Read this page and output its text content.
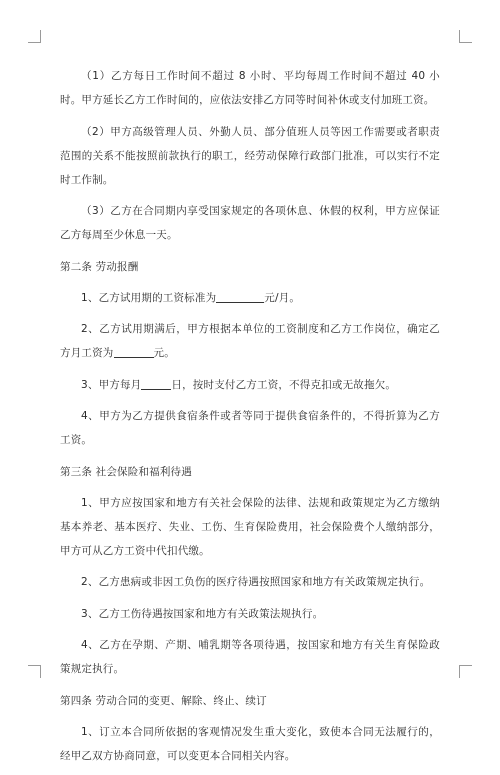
（1）乙方每日工作时间不超过 8 小时、平均每周工作时间不超过 40 小时。甲方延长乙方工作时间的，应依法安排乙方同等时间补休或支付加班工资。

（2）甲方高级管理人员、外勤人员、部分值班人员等因工作需要或者职责范围的关系不能按照前款执行的职工，经劳动保障行政部门批准，可以实行不定时工作制。

（3）乙方在合同期内享受国家规定的各项休息、休假的权利，甲方应保证乙方每周至少休息一天。

第二条 劳动报酬

1、乙方试用期的工资标准为	元/月。

2、乙方试用期满后，甲方根据本单位的工资制度和乙方工作岗位，确定乙方月工资为	元。

3、甲方每月	日，按时支付乙方工资，不得克扣或无故拖欠。

4、甲方为乙方提供食宿条件或者等同于提供食宿条件的，不得折算为乙方工资。

第三条 社会保险和福利待遇

1、甲方应按国家和地方有关社会保险的法律、法规和政策规定为乙方缴纳基本养老、基本医疗、失业、工伤、生育保险费用，社会保险费个人缴纳部分，甲方可从乙方工资中代扣代缴。

2、乙方患病或非因工负伤的医疗待遇按照国家和地方有关政策规定执行。

3、乙方工伤待遇按国家和地方有关政策法规执行。

4、乙方在孕期、产期、哺乳期等各项待遇，按国家和地方有关生育保险政策规定执行。

第四条 劳动合同的变更、解除、终止、续订

1、订立本合同所依据的客观情况发生重大变化，致使本合同无法履行的，经甲乙双方协商同意，可以变更本合同相关内容。
